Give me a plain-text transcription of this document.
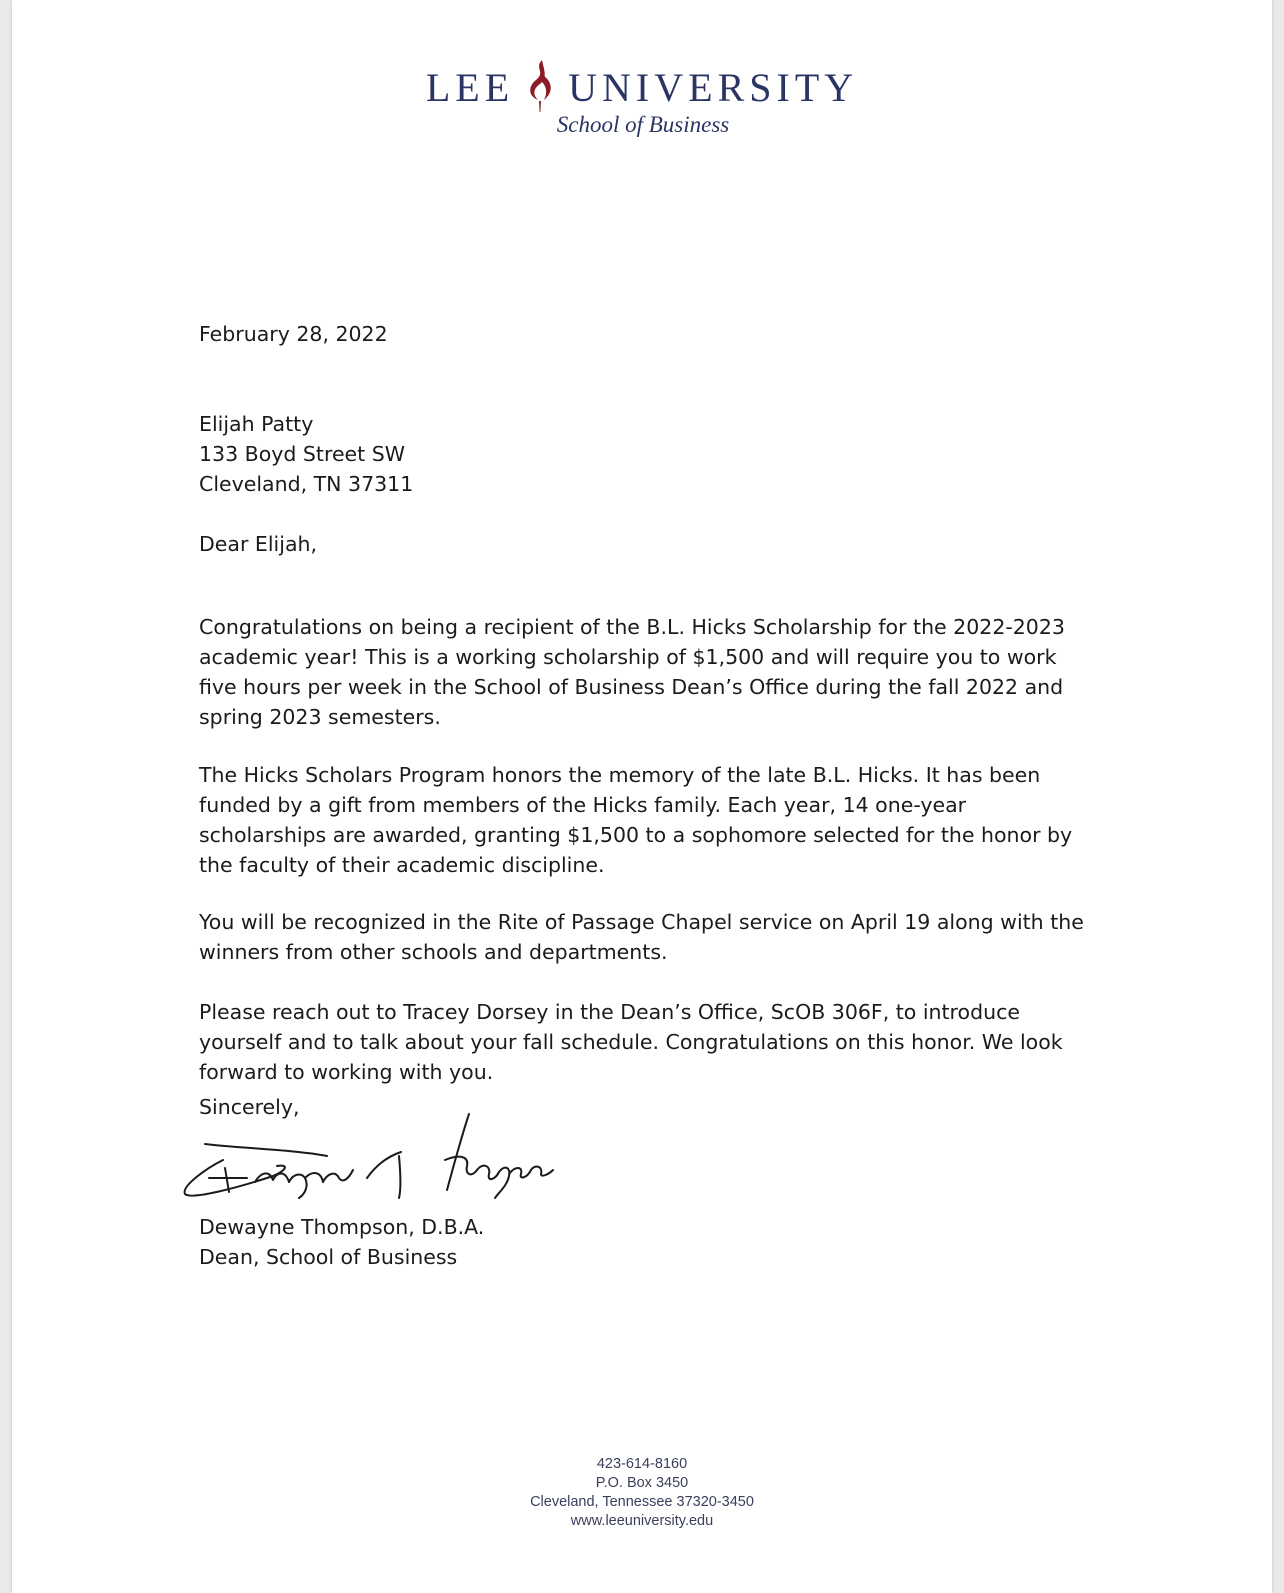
LEE UNIVERSITY
School of Business
February 28, 2022
Elijah Patty
133 Boyd Street SW
Cleveland, TN 37311
Dear Elijah,

Congratulations on being a recipient of the B.L. Hicks Scholarship for the 2022-2023 academic year! This is a working scholarship of $1,500 and will require you to work five hours per week in the School of Business Dean’s Office during the fall 2022 and spring 2023 semesters.

The Hicks Scholars Program honors the memory of the late B.L. Hicks. It has been funded by a gift from members of the Hicks family. Each year, 14 one-year scholarships are awarded, granting $1,500 to a sophomore selected for the honor by the faculty of their academic discipline.

You will be recognized in the Rite of Passage Chapel service on April 19 along with the winners from other schools and departments.

Please reach out to Tracey Dorsey in the Dean’s Office, ScOB 306F, to introduce yourself and to talk about your fall schedule. Congratulations on this honor. We look forward to working with you.

Sincerely,
Dewayne Thompson, D.B.A.
Dean, School of Business
423-614-8160
P.O. Box 3450
Cleveland, Tennessee 37320-3450
www.leeuniversity.edu
